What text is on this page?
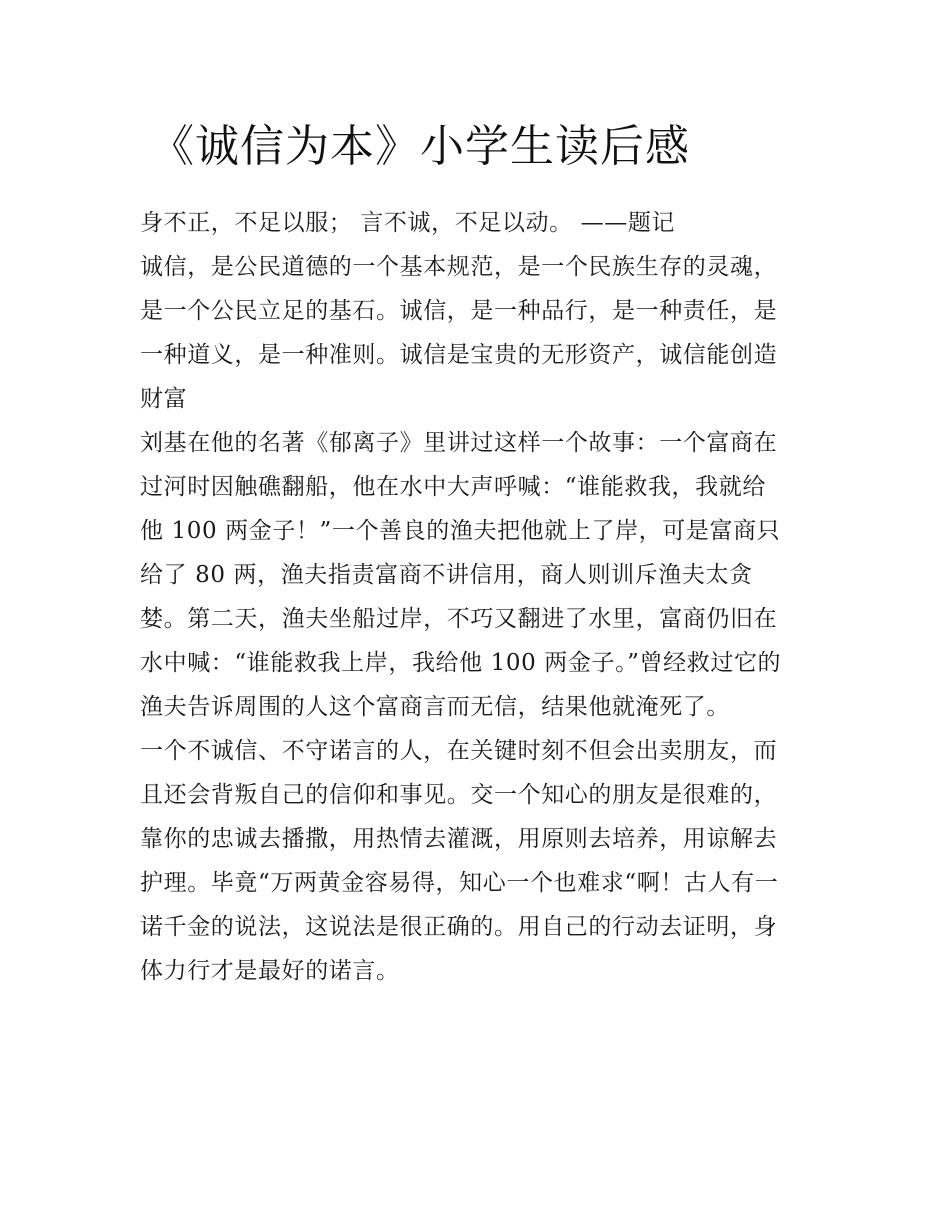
《诚信为本》小学生读后感

身不正，不足以服； 言不诚，不足以动。 ——题记

诚信，是公民道德的一个基本规范，是一个民族生存的灵魂，
是一个公民立足的基石。诚信，是一种品行，是一种责任，是
一种道义，是一种准则。诚信是宝贵的无形资产，诚信能创造
财富

刘基在他的名著《郁离子》里讲过这样一个故事：一个富商在
过河时因触礁翻船，他在水中大声呼喊：“谁能救我，我就给
他 100 两金子！”一个善良的渔夫把他就上了岸，可是富商只
给了 80 两，渔夫指责富商不讲信用，商人则训斥渔夫太贪
婪。第二天，渔夫坐船过岸，不巧又翻进了水里，富商仍旧在
水中喊：“谁能救我上岸，我给他 100 两金子。”曾经救过它的
渔夫告诉周围的人这个富商言而无信，结果他就淹死了。

一个不诚信、不守诺言的人，在关键时刻不但会出卖朋友，而
且还会背叛自己的信仰和事见。交一个知心的朋友是很难的，
靠你的忠诚去播撒，用热情去灌溉，用原则去培养，用谅解去
护理。毕竟“万两黄金容易得，知心一个也难求“啊！古人有一
诺千金的说法，这说法是很正确的。用自己的行动去证明，身
体力行才是最好的诺言。
